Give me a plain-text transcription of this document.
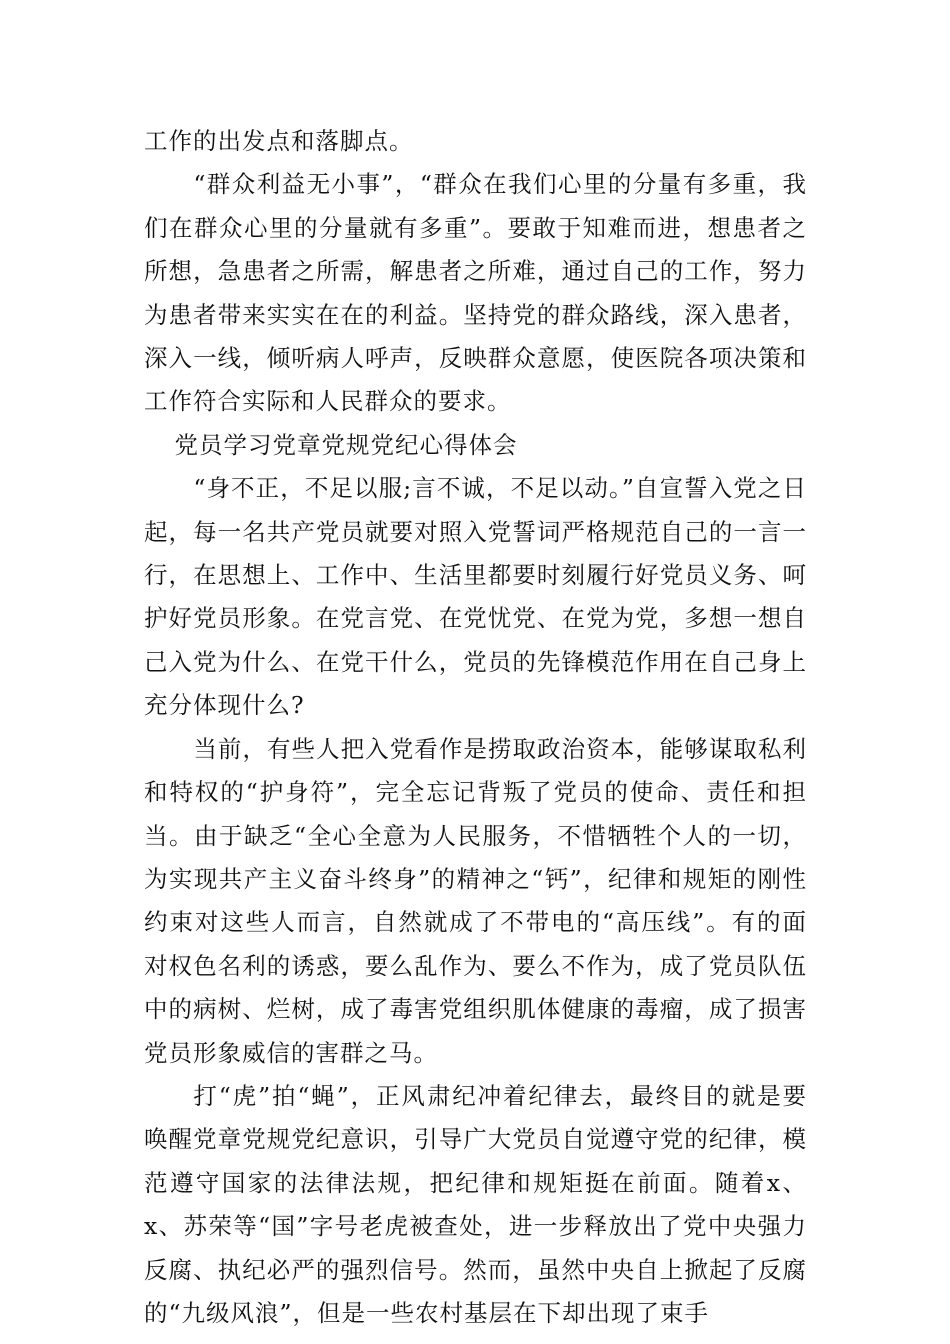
工作的出发点和落脚点。

“群众利益无小事”，“群众在我们心里的分量有多重，我们在群众心里的分量就有多重”。要敢于知难而进，想患者之所想，急患者之所需，解患者之所难，通过自己的工作，努力为患者带来实实在在的利益。坚持党的群众路线，深入患者，深入一线，倾听病人呼声，反映群众意愿，使医院各项决策和工作符合实际和人民群众的要求。

党员学习党章党规党纪心得体会

“身不正，不足以服;言不诚，不足以动。”自宣誓入党之日起，每一名共产党员就要对照入党誓词严格规范自己的一言一行，在思想上、工作中、生活里都要时刻履行好党员义务、呵护好党员形象。在党言党、在党忧党、在党为党，多想一想自己入党为什么、在党干什么，党员的先锋模范作用在自己身上充分体现什么?

当前，有些人把入党看作是捞取政治资本，能够谋取私利和特权的“护身符”，完全忘记背叛了党员的使命、责任和担当。由于缺乏“全心全意为人民服务，不惜牺牲个人的一切，为实现共产主义奋斗终身”的精神之“钙”，纪律和规矩的刚性约束对这些人而言，自然就成了不带电的“高压线”。有的面对权色名利的诱惑，要么乱作为、要么不作为，成了党员队伍中的病树、烂树，成了毒害党组织肌体健康的毒瘤，成了损害党员形象威信的害群之马。

打“虎”拍“蝇”，正风肃纪冲着纪律去，最终目的就是要唤醒党章党规党纪意识，引导广大党员自觉遵守党的纪律，模范遵守国家的法律法规，把纪律和规矩挺在前面。随着x、x、苏荣等“国”字号老虎被查处，进一步释放出了党中央强力反腐、执纪必严的强烈信号。然而，虽然中央自上掀起了反腐的“九级风浪”，但是一些农村基层在下却出现了束手
